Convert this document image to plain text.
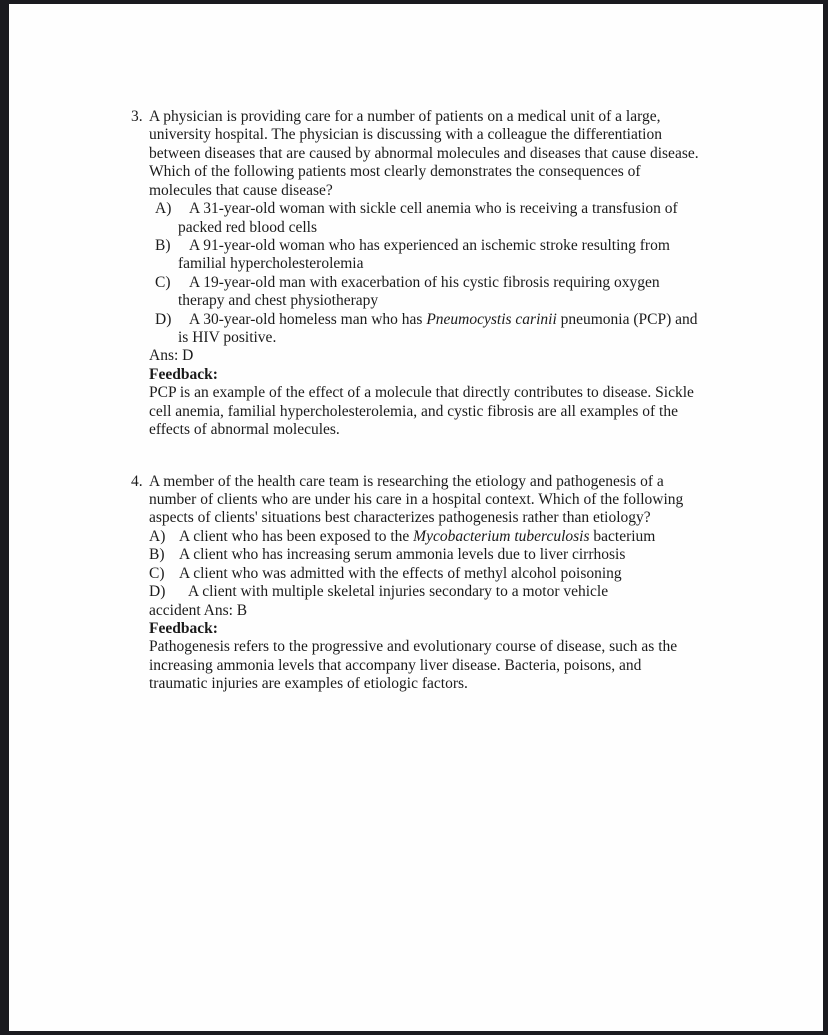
3. A physician is providing care for a number of patients on a medical unit of a large,
university hospital. The physician is discussing with a colleague the differentiation
between diseases that are caused by abnormal molecules and diseases that cause disease.
Which of the following patients most clearly demonstrates the consequences of
molecules that cause disease?
A) A 31-year-old woman with sickle cell anemia who is receiving a transfusion of
packed red blood cells
B) A 91-year-old woman who has experienced an ischemic stroke resulting from
familial hypercholesterolemia
C) A 19-year-old man with exacerbation of his cystic fibrosis requiring oxygen
therapy and chest physiotherapy
D) A 30-year-old homeless man who has Pneumocystis carinii pneumonia (PCP) and
is HIV positive.
Ans: D
Feedback:
PCP is an example of the effect of a molecule that directly contributes to disease. Sickle
cell anemia, familial hypercholesterolemia, and cystic fibrosis are all examples of the
effects of abnormal molecules.
4. A member of the health care team is researching the etiology and pathogenesis of a
number of clients who are under his care in a hospital context. Which of the following
aspects of clients' situations best characterizes pathogenesis rather than etiology?
A) A client who has been exposed to the Mycobacterium tuberculosis bacterium
B) A client who has increasing serum ammonia levels due to liver cirrhosis
C) A client who was admitted with the effects of methyl alcohol poisoning
D) A client with multiple skeletal injuries secondary to a motor vehicle
accident Ans: B
Feedback:
Pathogenesis refers to the progressive and evolutionary course of disease, such as the
increasing ammonia levels that accompany liver disease. Bacteria, poisons, and
traumatic injuries are examples of etiologic factors.
